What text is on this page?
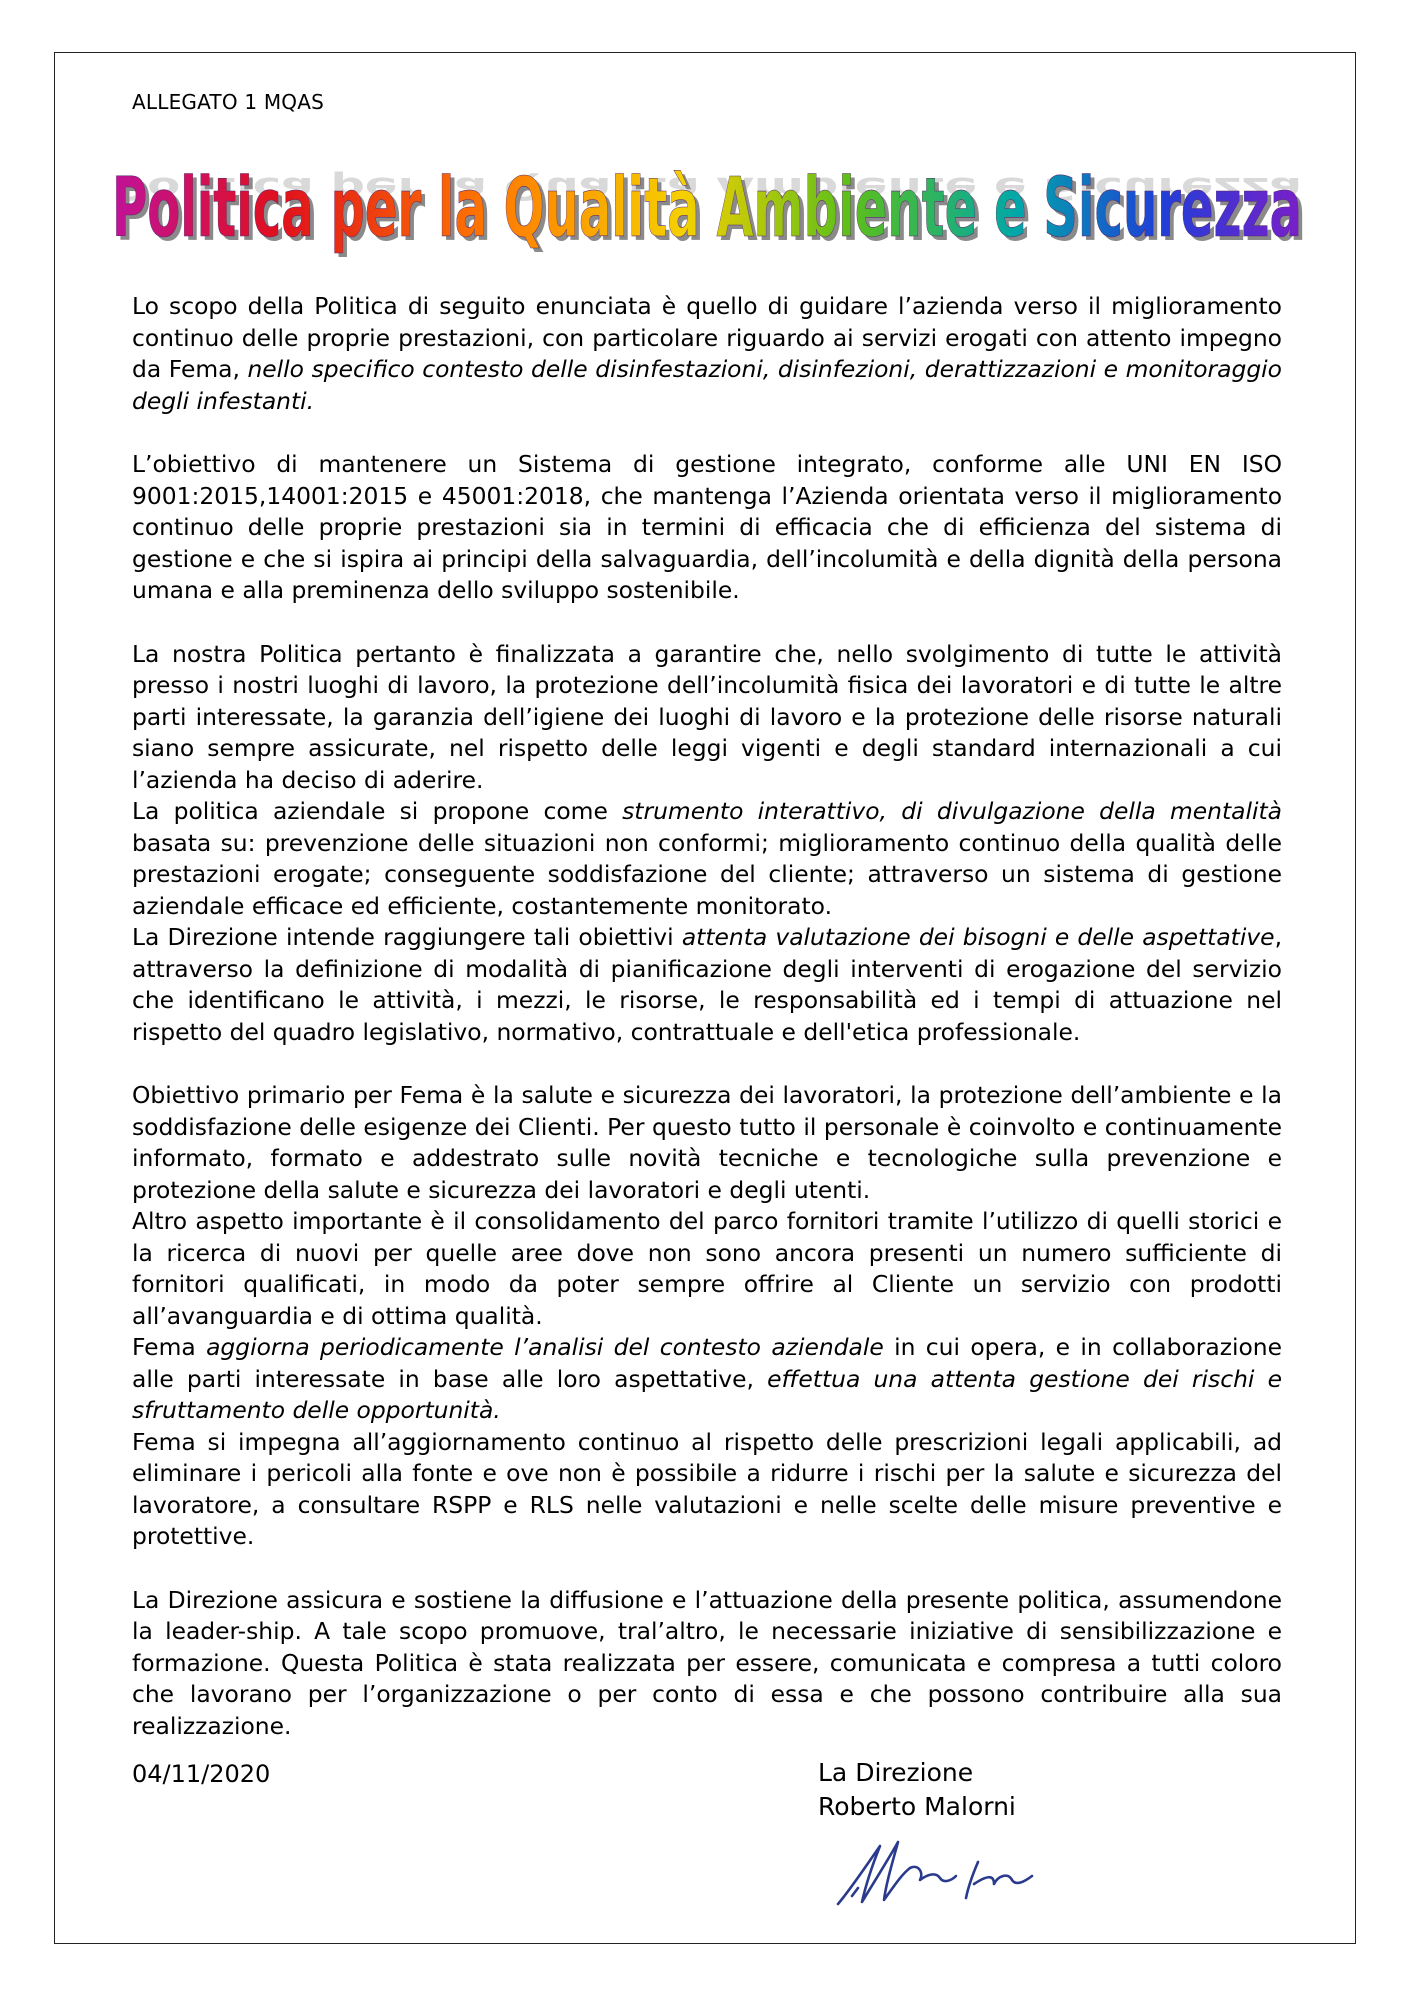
ALLEGATO 1 MQAS
Politica per la Qualità Ambiente e Sicurezza
Politica per la Qualità Ambiente e Sicurezza
Politica per la Qualità Ambiente e Sicurezza

Lo scopo della Politica di seguito enunciata è quello di guidare l’azienda verso il miglioramento continuo delle proprie prestazioni, con particolare riguardo ai servizi erogati con attento impegno da Fema, nello specifico contesto delle disinfestazioni, disinfezioni, derattizzazioni e monitoraggio degli infestanti.

L’obiettivo di mantenere un Sistema di gestione integrato, conforme alle UNI EN ISO 9001:2015,14001:2015 e 45001:2018, che mantenga l’Azienda orientata verso il miglioramento continuo delle proprie prestazioni sia in termini di efficacia che di efficienza del sistema di gestione e che si ispira ai principi della salvaguardia, dell’incolumità e della dignità della persona umana e alla preminenza dello sviluppo sostenibile.

La nostra Politica pertanto è finalizzata a garantire che, nello svolgimento di tutte le attività presso i nostri luoghi di lavoro, la protezione dell’incolumità fisica dei lavoratori e di tutte le altre parti interessate, la garanzia dell’igiene dei luoghi di lavoro e la protezione delle risorse naturali siano sempre assicurate, nel rispetto delle leggi vigenti e degli standard internazionali a cui l’azienda ha deciso di aderire.

La politica aziendale si propone come strumento interattivo, di divulgazione della mentalità basata su: prevenzione delle situazioni non conformi; miglioramento continuo della qualità delle prestazioni erogate; conseguente soddisfazione del cliente; attraverso un sistema di gestione aziendale efficace ed efficiente, costantemente monitorato.

La Direzione intende raggiungere tali obiettivi attenta valutazione dei bisogni e delle aspettative, attraverso la definizione di modalità di pianificazione degli interventi di erogazione del servizio che identificano le attività, i mezzi, le risorse, le responsabilità ed i tempi di attuazione nel rispetto del quadro legislativo, normativo, contrattuale e dell'etica professionale.

Obiettivo primario per Fema è la salute e sicurezza dei lavoratori, la protezione dell’ambiente e la soddisfazione delle esigenze dei Clienti. Per questo tutto il personale è coinvolto e continuamente informato, formato e addestrato sulle novità tecniche e tecnologiche sulla prevenzione e protezione della salute e sicurezza dei lavoratori e degli utenti.

Altro aspetto importante è il consolidamento del parco fornitori tramite l’utilizzo di quelli storici e la ricerca di nuovi per quelle aree dove non sono ancora presenti un numero sufficiente di fornitori qualificati, in modo da poter sempre offrire al Cliente un servizio con prodotti all’avanguardia e di ottima qualità.

Fema aggiorna periodicamente l’analisi del contesto aziendale in cui opera, e in collaborazione alle parti interessate in base alle loro aspettative, effettua una attenta gestione dei rischi e sfruttamento delle opportunità.

Fema si impegna all’aggiornamento continuo al rispetto delle prescrizioni legali applicabili, ad eliminare i pericoli alla fonte e ove non è possibile a ridurre i rischi per la salute e sicurezza del lavoratore, a consultare RSPP e RLS nelle valutazioni e nelle scelte delle misure preventive e protettive.

La Direzione assicura e sostiene la diffusione e l’attuazione della presente politica, assumendone la leader-ship. A tale scopo promuove, tral’altro, le necessarie iniziative di sensibilizzazione e formazione. Questa Politica è stata realizzata per essere, comunicata e compresa a tutti coloro che lavorano per l’organizzazione o per conto di essa e che possono contribuire alla sua realizzazione.

04/11/2020	La Direzione
Roberto Malorni
